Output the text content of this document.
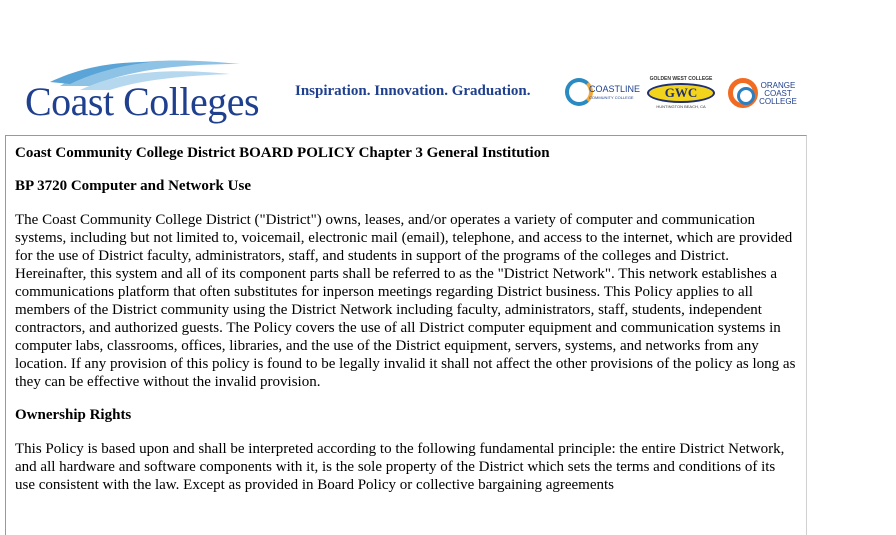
Coast Colleges Inspiration. Innovation. Graduation.	COASTLINE
COMMUNITY COLLEGE
GOLDEN WEST COLLEGE
GWC
HUNTINGTON BEACH, CA
ORANGE COAST COLLEGE
Coast Community College District BOARD POLICY Chapter 3 General Institution
BP 3720 Computer and Network Use

The Coast Community College District ("District") owns, leases, and/or operates a variety of computer and communication systems, including but not limited to, voicemail, electronic mail (email), telephone, and access to the internet, which are provided for the use of District faculty, administrators, staff, and students in support of the programs of the colleges and District. Hereinafter, this system and all of its component parts shall be referred to as the "District Network". This network establishes a communications platform that often substitutes for inperson meetings regarding District business. This Policy applies to all members of the District community using the District Network including faculty, administrators, staff, students, independent contractors, and authorized guests. The Policy covers the use of all District computer equipment and communication systems in computer labs, classrooms, offices, libraries, and the use of the District equipment, servers, systems, and networks from any location. If any provision of this policy is found to be legally invalid it shall not affect the other provisions of the policy as long as they can be effective without the invalid provision.

Ownership Rights

This Policy is based upon and shall be interpreted according to the following fundamental principle: the entire District Network, and all hardware and software components with it, is the sole property of the District which sets the terms and conditions of its use consistent with the law. Except as provided in Board Policy or collective bargaining agreements
